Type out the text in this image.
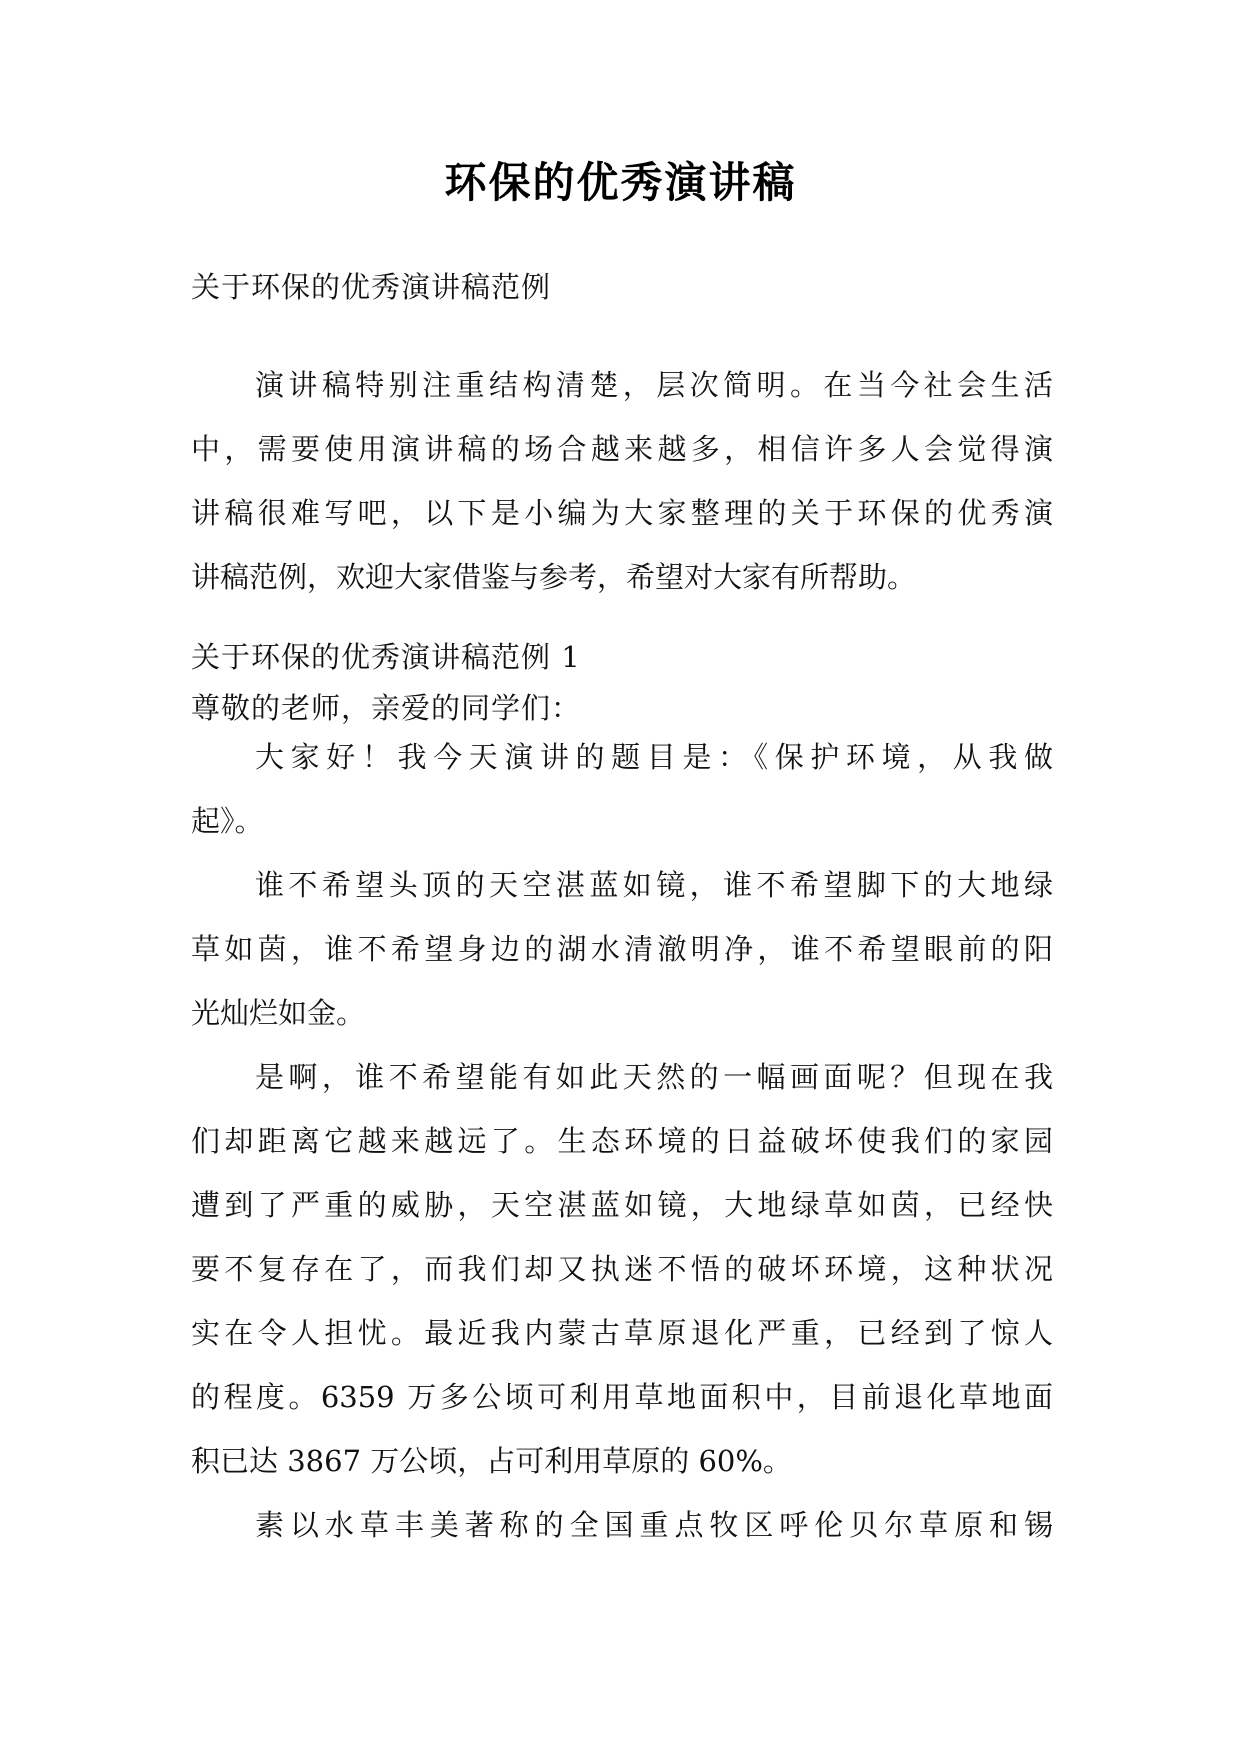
环保的优秀演讲稿
关于环保的优秀演讲稿范例
演讲稿特别注重结构清楚，层次简明。在当今社会生活
中，需要使用演讲稿的场合越来越多，相信许多人会觉得演
讲稿很难写吧，以下是小编为大家整理的关于环保的优秀演
讲稿范例，欢迎大家借鉴与参考，希望对大家有所帮助。
关于环保的优秀演讲稿范例 1
尊敬的老师，亲爱的同学们：
大家好！我今天演讲的题目是：《保护环境，从我做
起》。
谁不希望头顶的天空湛蓝如镜，谁不希望脚下的大地绿
草如茵，谁不希望身边的湖水清澈明净，谁不希望眼前的阳
光灿烂如金。
是啊，谁不希望能有如此天然的一幅画面呢？但现在我
们却距离它越来越远了。生态环境的日益破坏使我们的家园
遭到了严重的威胁，天空湛蓝如镜，大地绿草如茵，已经快
要不复存在了，而我们却又执迷不悟的破坏环境，这种状况
实在令人担忧。最近我内蒙古草原退化严重，已经到了惊人
的程度。6359 万多公顷可利用草地面积中，目前退化草地面
积已达 3867 万公顷，占可利用草原的 60%。
素以水草丰美著称的全国重点牧区呼伦贝尔草原和锡
